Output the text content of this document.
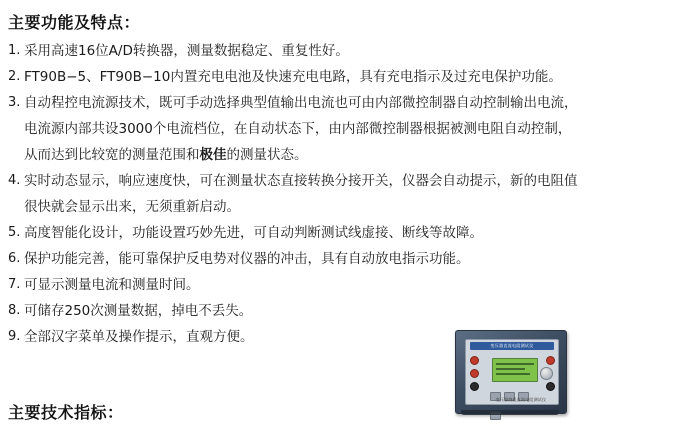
主要功能及特点：
1. 采用高速16位A/D转换器，测量数据稳定、重复性好。
2. FT90B−5、FT90B−10内置充电电池及快速充电电路，具有充电指示及过充电保护功能。
3. 自动程控电流源技术，既可手动选择典型值输出电流也可由内部微控制器自动控制输出电流，
电流源内部共设3000个电流档位，在自动状态下，由内部微控制器根据被测电阻自动控制，
从而达到比较宽的测量范围和极佳的测量状态。
4. 实时动态显示，响应速度快，可在测量状态直接转换分接开关，仪器会自动提示，新的电阻值
很快就会显示出来，无须重新启动。
5. 高度智能化设计，功能设置巧妙先进，可自动判断测试线虚接、断线等故障。
6. 保护功能完善，能可靠保护反电势对仪器的冲击，具有自动放电指示功能。
7. 可显示测量电流和测量时间。
8. 可储存250次测量数据，掉电不丢失。
9. 全部汉字菜单及操作提示，直观方便。
变压器直流电阻测试仪
变压器绕组直流电阻测试仪
主要技术指标：
